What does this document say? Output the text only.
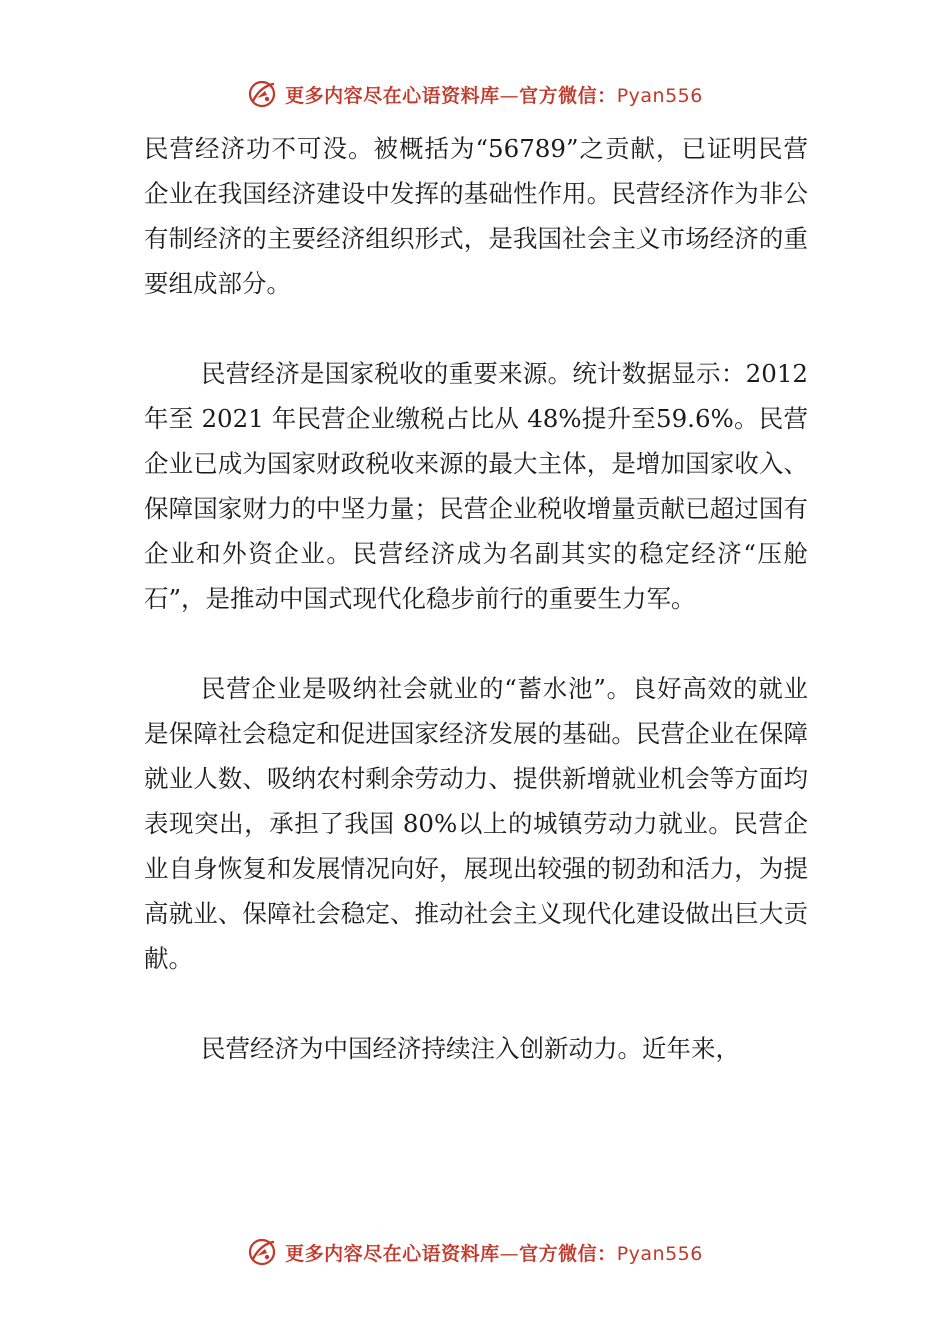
更多内容尽在心语资料库—官方微信：Pyan556

民营经济功不可没。被概括为“56789”之贡献，已证明民营企业在我国经济建设中发挥的基础性作用。民营经济作为非公有制经济的主要经济组织形式，是我国社会主义市场经济的重要组成部分。

民营经济是国家税收的重要来源。统计数据显示：2012 年至 2021 年民营企业缴税占比从 48%提升至59.6%。民营企业已成为国家财政税收来源的最大主体，是增加国家收入、保障国家财力的中坚力量；民营企业税收增量贡献已超过国有企业和外资企业。民营经济成为名副其实的稳定经济“压舱石”，是推动中国式现代化稳步前行的重要生力军。

民营企业是吸纳社会就业的“蓄水池”。良好高效的就业是保障社会稳定和促进国家经济发展的基础。民营企业在保障就业人数、吸纳农村剩余劳动力、提供新增就业机会等方面均表现突出，承担了我国 80%以上的城镇劳动力就业。民营企业自身恢复和发展情况向好，展现出较强的韧劲和活力，为提高就业、保障社会稳定、推动社会主义现代化建设做出巨大贡献。

民营经济为中国经济持续注入创新动力。近年来，

更多内容尽在心语资料库—官方微信：Pyan556
